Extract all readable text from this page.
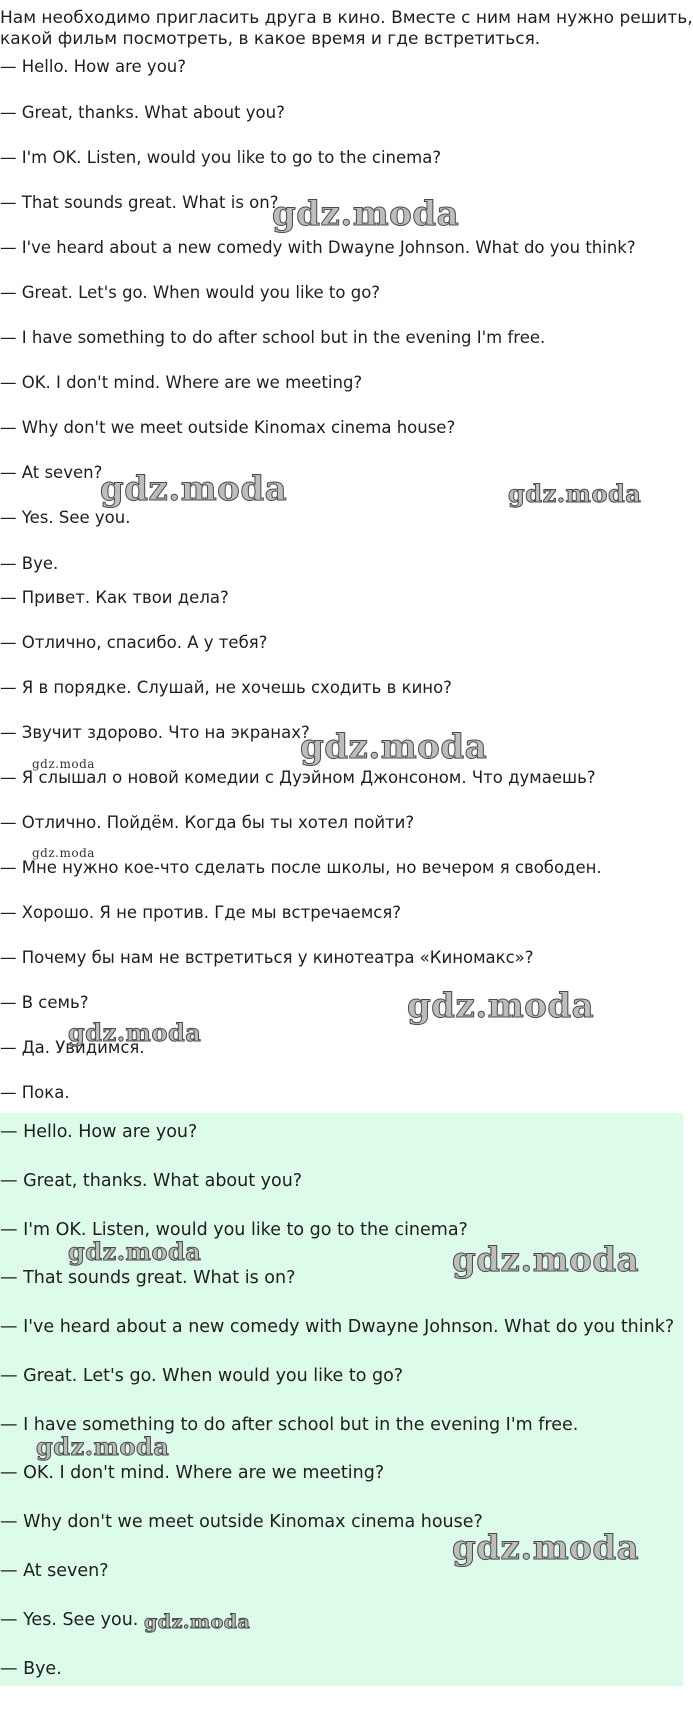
Нам необходимо пригласить друга в кино. Вместе с ним нам нужно решить,
какой фильм посмотреть, в какое время и где встретиться.
— Hello. How are you?
— Great, thanks. What about you?
— I'm OK. Listen, would you like to go to the cinema?
— That sounds great. What is on?
— I've heard about a new comedy with Dwayne Johnson. What do you think?
— Great. Let's go. When would you like to go?
— I have something to do after school but in the evening I'm free.
— OK. I don't mind. Where are we meeting?
— Why don't we meet outside Kinomax cinema house?
— At seven?
— Yes. See you.
— Bye.
— Привет. Как твои дела?
— Отлично, спасибо. А у тебя?
— Я в порядке. Слушай, не хочешь сходить в кино?
— Звучит здорово. Что на экранах?
— Я слышал о новой комедии с Дуэйном Джонсоном. Что думаешь?
— Отлично. Пойдём. Когда бы ты хотел пойти?
— Мне нужно кое-что сделать после школы, но вечером я свободен.
— Хорошо. Я не против. Где мы встречаемся?
— Почему бы нам не встретиться у кинотеатра «Киномакс»?
— В семь?
— Да. Увидимся.
— Пока.
— Hello. How are you?
— Great, thanks. What about you?
— I'm OK. Listen, would you like to go to the cinema?
— That sounds great. What is on?
— I've heard about a new comedy with Dwayne Johnson. What do you think?
— Great. Let's go. When would you like to go?
— I have something to do after school but in the evening I'm free.
— OK. I don't mind. Where are we meeting?
— Why don't we meet outside Kinomax cinema house?
— At seven?
— Yes. See you.
— Bye.
gdz.moda
gdz.moda	gdz.moda
gdz.moda
gdz.moda
gdz.moda
gdz.moda
gdz.moda
gdz.moda	gdz.moda
gdz.moda
gdz.moda
gdz.moda
